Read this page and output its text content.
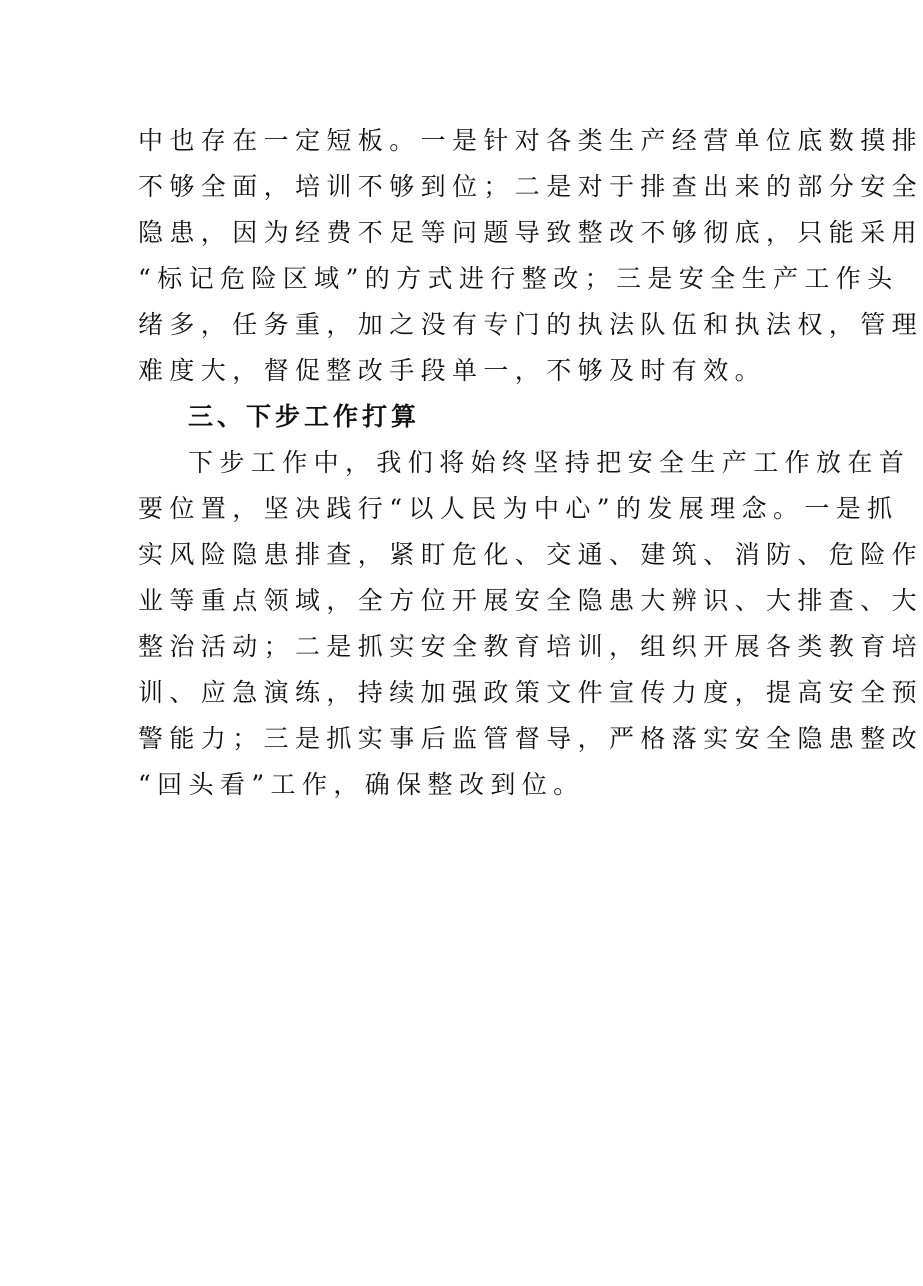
中也存在一定短板。一是针对各类生产经营单位底数摸排
不够全面，培训不够到位；二是对于排查出来的部分安全
隐患，因为经费不足等问题导致整改不够彻底，只能采用
“标记危险区域”的方式进行整改；三是安全生产工作头
绪多，任务重，加之没有专门的执法队伍和执法权，管理
难度大，督促整改手段单一，不够及时有效。
三、下步工作打算
下步工作中，我们将始终坚持把安全生产工作放在首
要位置，坚决践行“以人民为中心”的发展理念。一是抓
实风险隐患排查，紧盯危化、交通、建筑、消防、危险作
业等重点领域，全方位开展安全隐患大辨识、大排查、大
整治活动；二是抓实安全教育培训，组织开展各类教育培
训、应急演练，持续加强政策文件宣传力度，提高安全预
警能力；三是抓实事后监管督导，严格落实安全隐患整改
“回头看”工作，确保整改到位。
